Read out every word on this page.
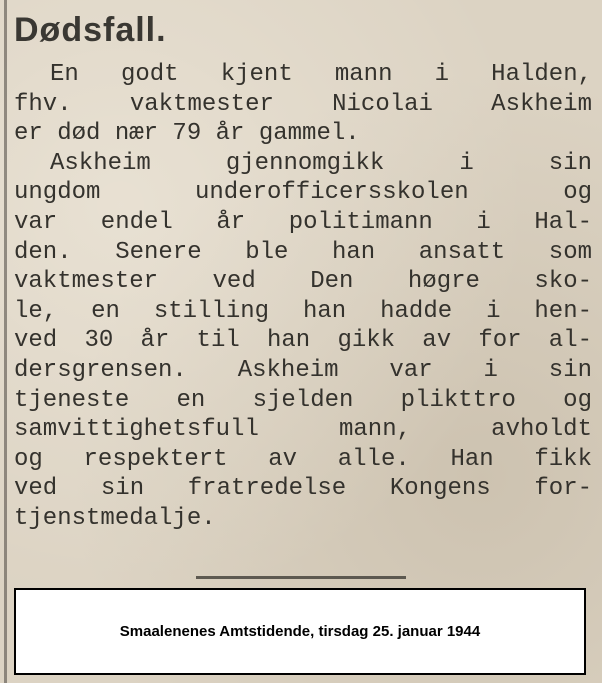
Dødsfall.
En godt kjent mann i Halden,
fhv. vaktmester Nicolai Askheim
er død nær 79 år gammel.
Askheim gjennomgikk i sin
ungdom underofficersskolen og
var endel år politimann i Hal-
den. Senere ble han ansatt som
vaktmester ved Den høgre sko-
le, en stilling han hadde i hen-
ved 30 år til han gikk av for al-
dersgrensen. Askheim var i sin
tjeneste en sjelden plikttro og
samvittighetsfull mann, avholdt
og respektert av alle. Han fikk
ved sin fratredelse Kongens for-
tjenstmedalje.
Smaalenenes Amtstidende, tirsdag 25. januar 1944
